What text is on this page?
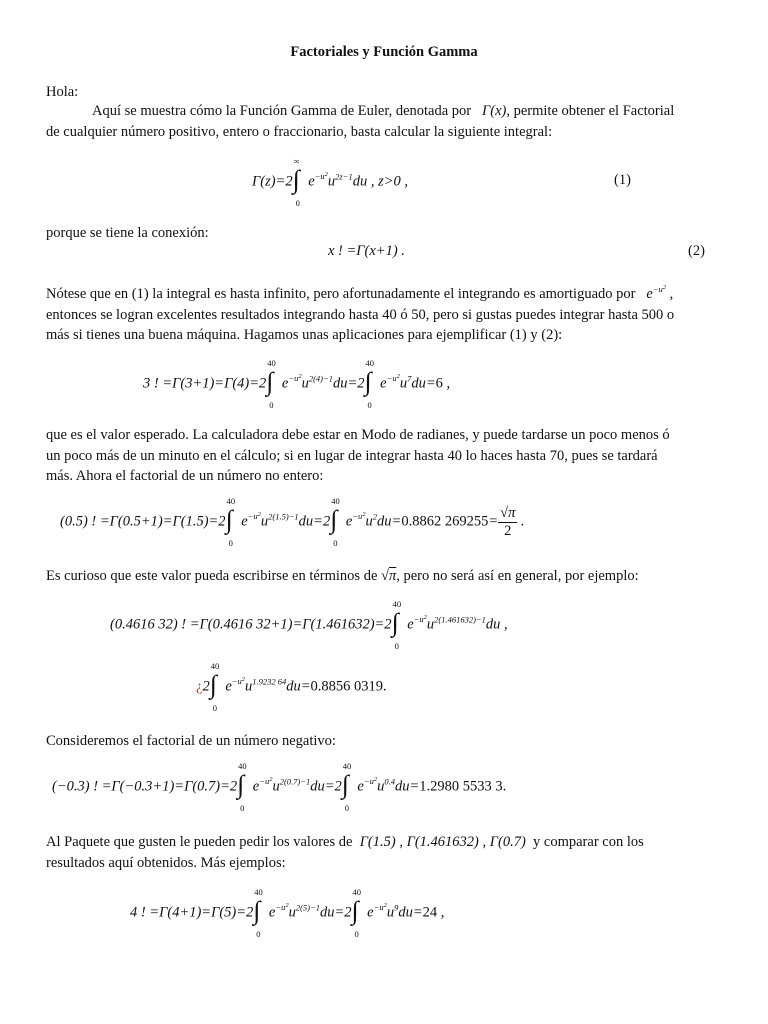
Factoriales y Función Gamma
Hola:
Aquí se muestra cómo la Función Gamma de Euler, denotada por   Γ(x), permite obtener el Factorial
de cualquier número positivo, entero o fraccionario, basta calcular la siguiente integral:
Γ(z)=2 ∫
∞
0
$e^{-u^2}u^{2z-1}du$ , z>0 ,	(1)
porque se tiene la conexión:
x ! =Γ(x+1) .	(2)
Nótese que en (1) la integral es hasta infinito, pero afortunadamente el integrando es amortiguado por   $e^{-u^2}$ ,
entonces se logran excelentes resultados integrando hasta 40 ó 50, pero si gustas puedes integrar hasta 500 o
más si tienes una buena máquina. Hagamos unas aplicaciones para ejemplificar (1) y (2):
3 ! =Γ(3+1)=Γ(4)=2 ∫
40
0
$e^{-u^2}u^{2(4)-1}du=2$ ∫
40
0
$e^{-u^2}u^7du=6$ ,
que es el valor esperado. La calculadora debe estar en Modo de radianes, y puede tardarse un poco menos ó
un poco más de un minuto en el cálculo; si en lugar de integrar hasta 40 lo haces hasta 70, pues se tardará
más. Ahora el factorial de un número no entero:
(0.5) ! =Γ(0.5+1)=Γ(1.5)=2 ∫
40
0
$e^{-u^2}u^{2(1.5)-1}du=2$ ∫
40
0
$e^{-u^2}u^2du=0.8862$ $269255= \frac{√\pi}{2}$ .
Es curioso que este valor pueda escribirse en términos de √π, pero no será así en general, por ejemplo:
(0.4616 32) ! =Γ(0.4616 32+1)=Γ(1.461632)=2 ∫
40
0
$e^{-u^2}u^{2(1.461632)-1}du$ ,
¿2 ∫
40
0
$e^{-u^2}u^{1.9232 64}du=0.8856$ 0319.
Consideremos el factorial de un número negativo:
(−0.3) ! =Γ(−0.3+1)=Γ(0.7)=2 ∫
40
0
$e^{-u^2}u^{2(0.7)-1}du=2$ ∫
40
0
$e^{-u^2}u^{0.4}du=1.2980$ 5533 3.
Al Paquete que gusten le pueden pedir los valores de  Γ(1.5) , Γ(1.461632) , Γ(0.7)  y comparar con los
resultados aquí obtenidos. Más ejemplos:
4 ! =Γ(4+1)=Γ(5)=2 ∫
40
0
$e^{-u^2}u^{2(5)-1}du=2$ ∫
40
0
$e^{-u^2}u^9du=24$ ,
